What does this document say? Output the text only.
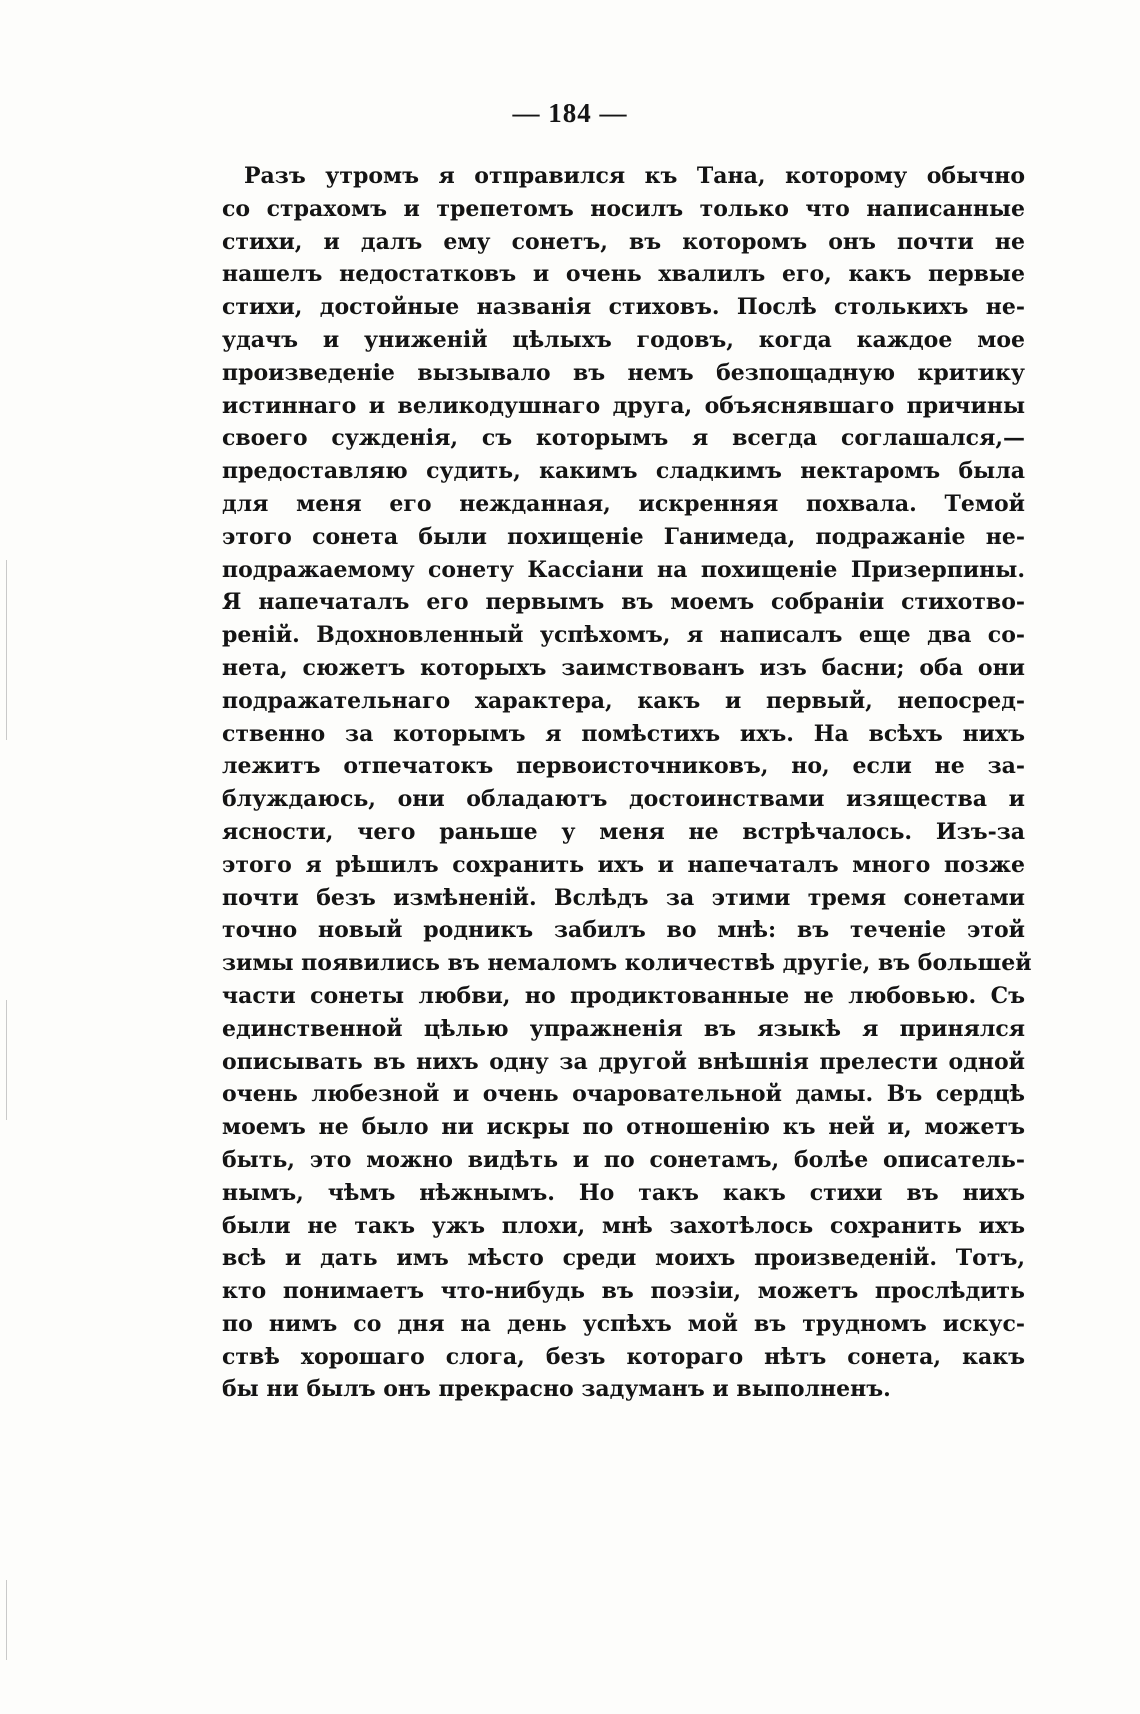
— 184 —
Разъ утромъ я отправился къ Тана, которому обычно
со страхомъ и трепетомъ носилъ только что написанные
стихи, и далъ ему сонетъ, въ которомъ онъ почти не
нашелъ недостатковъ и очень хвалилъ его, какъ первые
стихи, достойные названія стиховъ. Послѣ столькихъ не-
удачъ и униженій цѣлыхъ годовъ, когда каждое мое
произведеніе вызывало въ немъ безпощадную критику
истиннаго и великодушнаго друга, объяснявшаго причины
своего сужденія, съ которымъ я всегда соглашался,—
предоставляю судить, какимъ сладкимъ нектаромъ была
для меня его нежданная, искренняя похвала. Темой
этого сонета были похищеніе Ганимеда, подражаніе не-
подражаемому сонету Кассіани на похищеніе Призерпины.
Я напечаталъ его первымъ въ моемъ собраніи стихотво-
реній. Вдохновленный успѣхомъ, я написалъ еще два со-
нета, сюжетъ которыхъ заимствованъ изъ басни; оба они
подражательнаго характера, какъ и первый, непосред-
ственно за которымъ я помѣстихъ ихъ. На всѣхъ нихъ
лежитъ отпечатокъ первоисточниковъ, но, если не за-
блуждаюсь, они обладаютъ достоинствами изящества и
ясности, чего раньше у меня не встрѣчалось. Изъ-за
этого я рѣшилъ сохранить ихъ и напечаталъ много позже
почти безъ измѣненій. Вслѣдъ за этими тремя сонетами
точно новый родникъ забилъ во мнѣ: въ теченіе этой
зимы появились въ немаломъ количествѣ другіе, въ большей
части сонеты любви, но продиктованные не любовью. Съ
единственной цѣлью упражненія въ языкѣ я принялся
описывать въ нихъ одну за другой внѣшнія прелести одной
очень любезной и очень очаровательной дамы. Въ сердцѣ
моемъ не было ни искры по отношенію къ ней и, можетъ
быть, это можно видѣть и по сонетамъ, болѣе описатель-
нымъ, чѣмъ нѣжнымъ. Но такъ какъ стихи въ нихъ
были не такъ ужъ плохи, мнѣ захотѣлось сохранить ихъ
всѣ и дать имъ мѣсто среди моихъ произведеній. Тотъ,
кто понимаетъ что-нибудь въ поэзіи, можетъ прослѣдить
по нимъ со дня на день успѣхъ мой въ трудномъ искус-
ствѣ хорошаго слога, безъ котораго нѣтъ сонета, какъ
бы ни былъ онъ прекрасно задуманъ и выполненъ.
